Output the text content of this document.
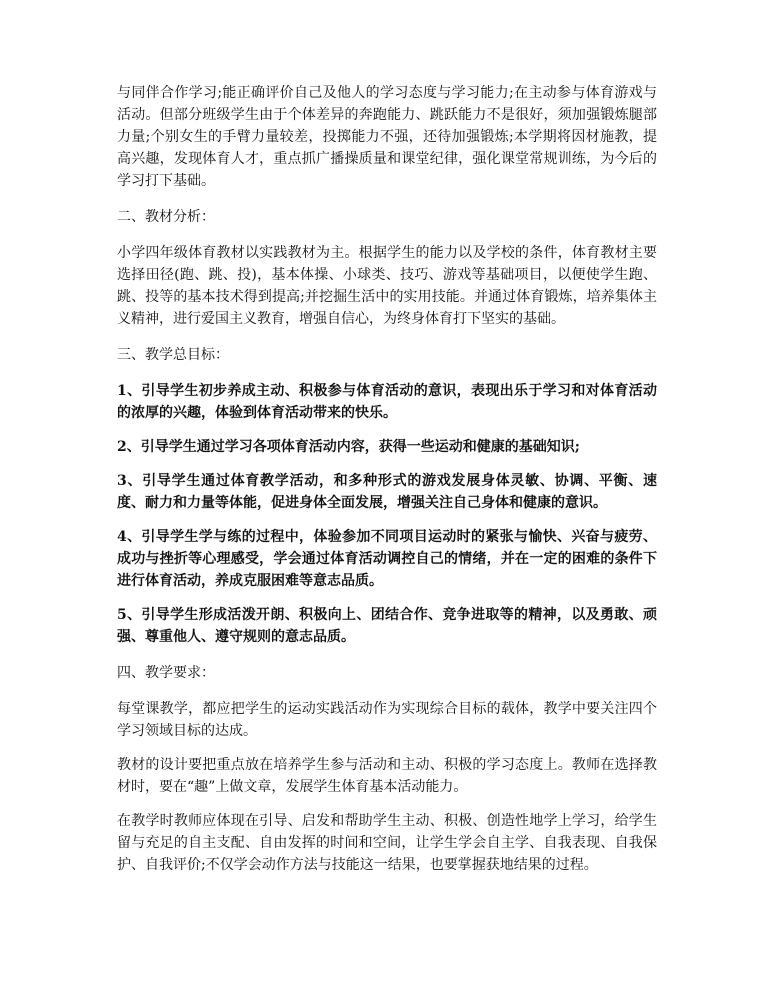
与同伴合作学习;能正确评价自己及他人的学习态度与学习能力;在主动参与体育游戏与活动。但部分班级学生由于个体差异的奔跑能力、跳跃能力不是很好，须加强锻炼腿部力量;个别女生的手臂力量较差，投掷能力不强，还待加强锻炼;本学期将因材施教，提高兴趣，发现体育人才，重点抓广播操质量和课堂纪律，强化课堂常规训练，为今后的学习打下基础。

二、教材分析：

小学四年级体育教材以实践教材为主。根据学生的能力以及学校的条件，体育教材主要选择田径(跑、跳、投)，基本体操、小球类、技巧、游戏等基础项目，以便使学生跑、跳、投等的基本技术得到提高;并挖掘生活中的实用技能。并通过体育锻炼，培养集体主义精神，进行爱国主义教育，增强自信心，为终身体育打下坚实的基础。

三、教学总目标：

1、引导学生初步养成主动、积极参与体育活动的意识，表现出乐于学习和对体育活动的浓厚的兴趣，体验到体育活动带来的快乐。

2、引导学生通过学习各项体育活动内容，获得一些运动和健康的基础知识;

3、引导学生通过体育教学活动，和多种形式的游戏发展身体灵敏、协调、平衡、速度、耐力和力量等体能，促进身体全面发展，增强关注自己身体和健康的意识。

4、引导学生学与练的过程中，体验参加不同项目运动时的紧张与愉快、兴奋与疲劳、成功与挫折等心理感受，学会通过体育活动调控自己的情绪，并在一定的困难的条件下进行体育活动，养成克服困难等意志品质。

5、引导学生形成活泼开朗、积极向上、团结合作、竞争进取等的精神，以及勇敢、顽强、尊重他人、遵守规则的意志品质。

四、教学要求：

每堂课教学，都应把学生的运动实践活动作为实现综合目标的载体，教学中要关注四个学习领域目标的达成。

教材的设计要把重点放在培养学生参与活动和主动、积极的学习态度上。教师在选择教材时，要在“趣”上做文章，发展学生体育基本活动能力。

在教学时教师应体现在引导、启发和帮助学生主动、积极、创造性地学上学习，给学生留与充足的自主支配、自由发挥的时间和空间，让学生学会自主学、自我表现、自我保护、自我评价;不仅学会动作方法与技能这一结果，也要掌握获地结果的过程。
